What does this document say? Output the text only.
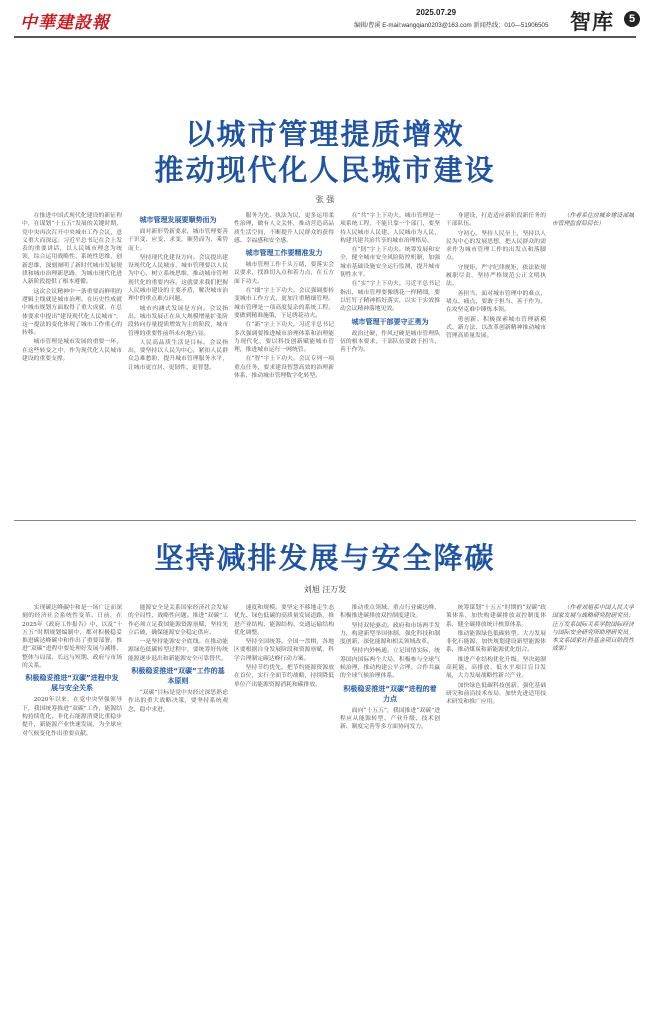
中華建設報
2025.07.29
编辑/曹溪 E-mail:wangqian0203@163.com 新闻热线：010—51906505 智库	5
以城市管理提质增效
推动现代化人民城市建设
张 强

在推进中国式现代化建设的新征程中，在谋划“十五五”发展的关键时期，党中央再次召开中央城市工作会议，意义重大而深远。习近平总书记在会上发表的重要讲话，以人民城市理念为统领，综合运用战略性、系统性思维，创新思维，深刻阐明了新时代城市发展规律和城市治理新思路，为城市现代化进入新阶段提供了根本遵循。

这次会议精神中一条重要而鲜明的逻辑主线就是城市治理。在历史性成就中城市规划方面取得了重大成就，在总体要求中提出“建设现代化人民城市”。这一提法的变化体现了城市工作重心的转移。

城市管理是城市发展的重要一环，在这些转变之中，作为现代化人民城市建设的重要支撑。

城市管理发展要顺势而为

面对新形势新要求，城市管理要善于识变、应变、求变，顺势而为，乘势而上。

坚持现代化建设方向。会议提出建设现代化人民城市，城市管理要以人民为中心，树立系统思维，推动城市管理现代化的重要内容。这就要求我们把握人民城市建设的主要矛盾，解决城市治理中的重点难点问题。

城市内涵式发展是方向。会议指出，城市发展正在从大规模增量扩张阶段转向存量提质增效为主的阶段，城市管理的重要性前所未有地凸显。

人民高品质生活是目标。会议指出，要坚持以人民为中心，紧扣人民群众急难愁盼，提升城市管理服务水平，让城市更宜居、更韧性、更智慧。

服务为先、执法为民，更多运用柔性治理，做有人文关怀，推动营造高品质生活空间，不断提升人民群众的获得感、幸福感和安全感。

城市管理工作要精准发力

城市管理工作千头万绪，要落实会议要求，找准切入点和着力点，在五方面下功夫。

在“细”字上下功夫。会议强调要转变城市工作方式，更加注重精细管理。城市管理是一项高度复杂的系统工程，要做到精准施策，下足绣花功夫。

在“新”字上下功夫。习近平总书记多次强调要推进城市治理体系和治理能力现代化，要以科技创新赋能城市管理，推进城市运行一网统管。

在“智”字上下功夫。会议专列一项重点任务，要求建设智慧高效的治理新体系，推动城市管理数字化转型。

在“共”字上下功夫。城市管理是一项系统工程，不能只靠一个部门，要坚持人民城市人民建、人民城市为人民，构建共建共治共享的城市治理格局。

在“韧”字上下功夫。统筹发展和安全，健全城市安全风险防控机制，加强城市基础设施安全运行监测，提升城市韧性水平。

在“实”字上下功夫。习近平总书记指出，城市管理要像绣花一样精细。要以钉钉子精神抓好落实，以实干实效推动会议精神落地见效。

城市管理干部要守正勇为

政治过硬、作风过硬是城市管理队伍的根本要求，干部队伍要敢于担当、善于作为。

身建设，打造适应新阶段新任务的干部队伍。

守初心。坚持人民至上，坚持以人民为中心的发展思想，把人民群众的需求作为城市管理工作的出发点和落脚点。

守规矩。严守纪律规矩，依法依规履职尽责，坚持严格规范公正文明执法。

善担当。面对城市管理中的难点、堵点、痛点，要敢于担当、善于作为，在攻坚克难中锤炼本领。

勇创新。积极探索城市管理新模式、新方法，以改革创新精神推动城市管理高质量发展。

（作者系住房城乡建设部城市管理监督局局长）

坚持减排发展与安全降碳
刘旭 汪万发

实现碳达峰碳中和是一场广泛而深刻的经济社会系统性变革。日前，在2025年《政府工作报告》中，以及“十五五”时期规划编制中，都对积极稳妥推进碳达峰碳中和作出了重要部署。推进“双碳”进程中要处理好发展与减排、整体与局部、长远与短期、政府与市场的关系。

积极稳妥推进“双碳”进程中发展与安全关系

2020年以来，在党中央坚强领导下，我国统筹推进“双碳”工作，能源结构持续优化，非化石能源消费比重稳步提升，新能源产业快速发展，为全球应对气候变化作出重要贡献。

能源安全是关系国家经济社会发展的全局性、战略性问题。推进“双碳”工作必须立足我国能源资源禀赋，坚持先立后破，确保能源安全稳定供应。

一是坚持能源安全底线。在推动能源绿色低碳转型过程中，要统筹好传统能源逐步退出和新能源安全可靠替代。

积极稳妥推进“双碳”工作的基本原则

“双碳”目标是党中央经过深思熟虑作出的重大战略决策，要坚持系统观念，稳中求进。

速度和规模。要坚定不移地走生态优先、绿色低碳的高质量发展道路，推进产业结构、能源结构、交通运输结构优化调整。

坚持全国统筹。全国一盘棋，各地区要根据自身发展阶段和资源禀赋，科学合理制定碳达峰行动方案。

坚持节约优先。把节约能源资源放在首位，实行全面节约战略，持续降低单位产出能源资源消耗和碳排放。

推动重点领域、重点行业碳达峰，积极推进碳排放双控制度建设。

坚持双轮驱动。政府和市场两手发力，构建新型举国体制，强化科技和制度创新，深化能源和相关领域改革。

坚持内外畅通。立足国情实际，统筹国内国际两个大局，积极参与全球气候治理，推动构建公平合理、合作共赢的全球气候治理体系。

积极稳妥推进“双碳”进程的着力点

面向“十五五”，我国推进“双碳”进程应从能源转型、产业升级、技术创新、制度完善等多方面协同发力。

统筹谋划“十五五”时期的“双碳”政策体系，加快构建碳排放双控制度体系，健全碳排放统计核算体系。

推动能源绿色低碳转型。大力发展非化石能源，加快规划建设新型能源体系，推动煤炭和新能源优化组合。

推进产业结构优化升级。坚决遏制高耗能、高排放、低水平项目盲目发展，大力发展战略性新兴产业。

加快绿色低碳科技创新。强化基础研究和前沿技术布局，加快先进适用技术研发和推广应用。

（作者刘旭系中国人民大学国家发展与战略研究院研究员；汪万发系国际关系学院国际经济与国际安全研究所助理研究员。本文系国家社科基金项目阶段性成果）
